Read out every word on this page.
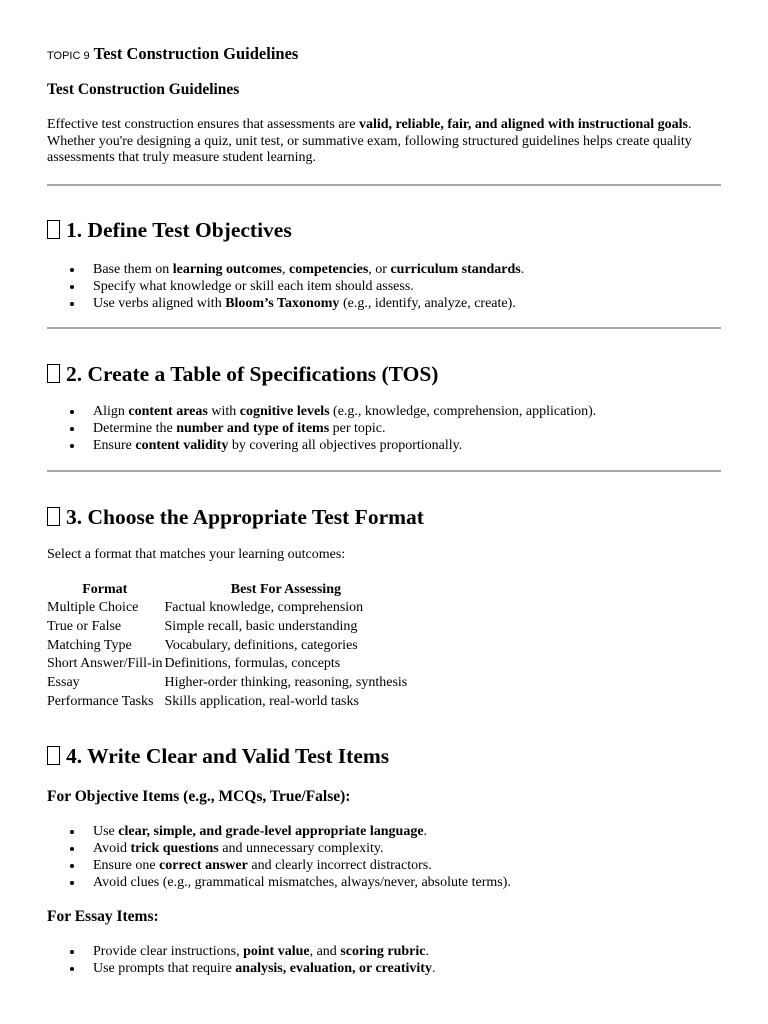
TOPIC 9 Test Construction Guidelines
Test Construction Guidelines

Effective test construction ensures that assessments are valid, reliable, fair, and aligned with instructional goals. Whether you're designing a quiz, unit test, or summative exam, following structured guidelines helps create quality assessments that truly measure student learning.

1. Define Test Objectives
Base them on learning outcomes, competencies, or curriculum standards.
Specify what knowledge or skill each item should assess.
Use verbs aligned with Bloom’s Taxonomy (e.g., identify, analyze, create).
2. Create a Table of Specifications (TOS)
Align content areas with cognitive levels (e.g., knowledge, comprehension, application).
Determine the number and type of items per topic.
Ensure content validity by covering all objectives proportionally.
3. Choose the Appropriate Test Format

Select a format that matches your learning outcomes:

Format	Best For Assessing
Multiple Choice	Factual knowledge, comprehension
True or False	Simple recall, basic understanding
Matching Type	Vocabulary, definitions, categories
Short Answer/Fill-in	Definitions, formulas, concepts
Essay	Higher-order thinking, reasoning, synthesis
Performance Tasks	Skills application, real-world tasks
4. Write Clear and Valid Test Items
For Objective Items (e.g., MCQs, True/False):
Use clear, simple, and grade-level appropriate language.
Avoid trick questions and unnecessary complexity.
Ensure one correct answer and clearly incorrect distractors.
Avoid clues (e.g., grammatical mismatches, always/never, absolute terms).
For Essay Items:
Provide clear instructions, point value, and scoring rubric.
Use prompts that require analysis, evaluation, or creativity.
